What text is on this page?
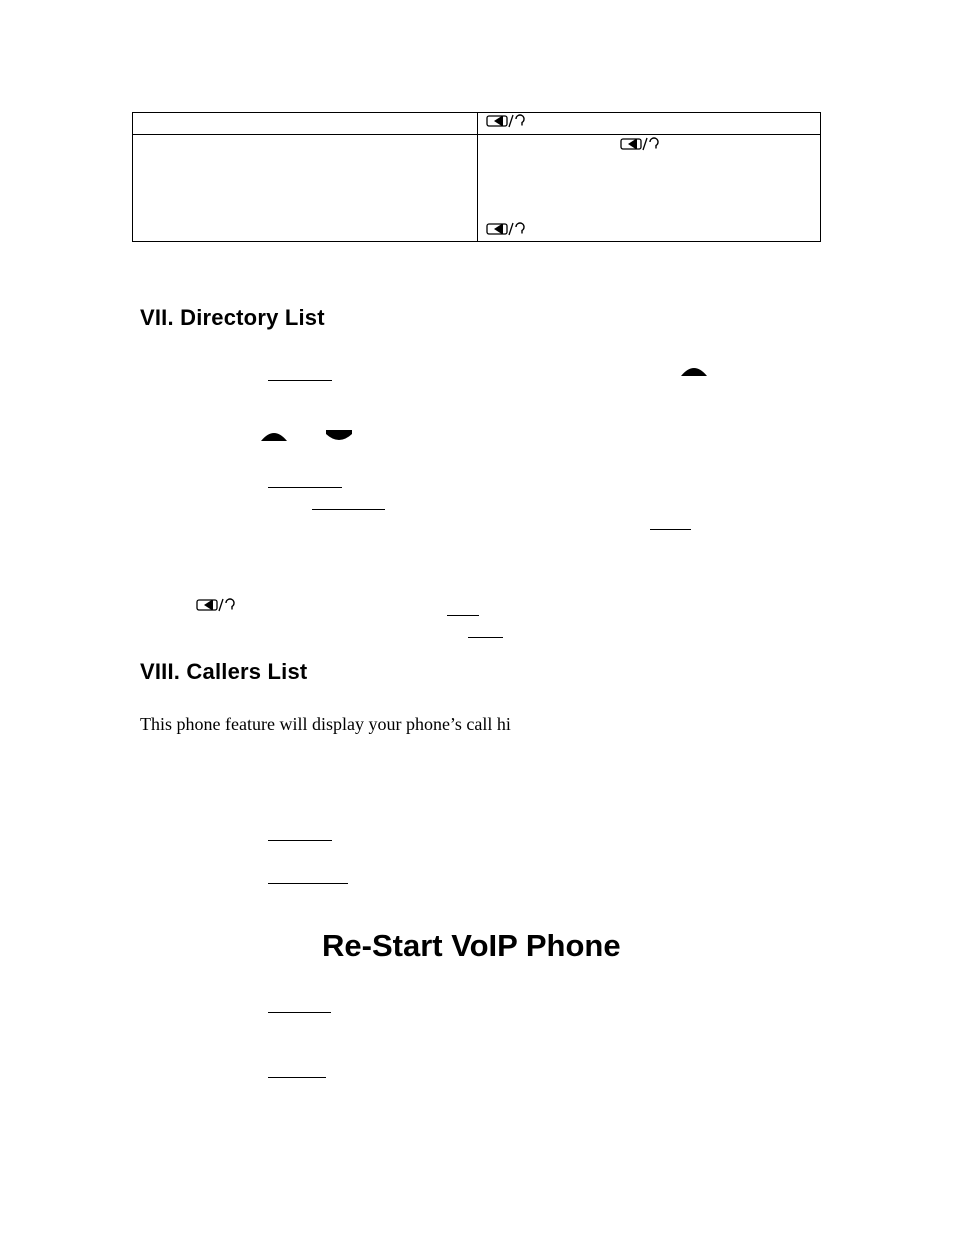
VII. Directory List
VIII. Callers List
This phone feature will display your phone’s call hi
Re-Start VoIP Phone
